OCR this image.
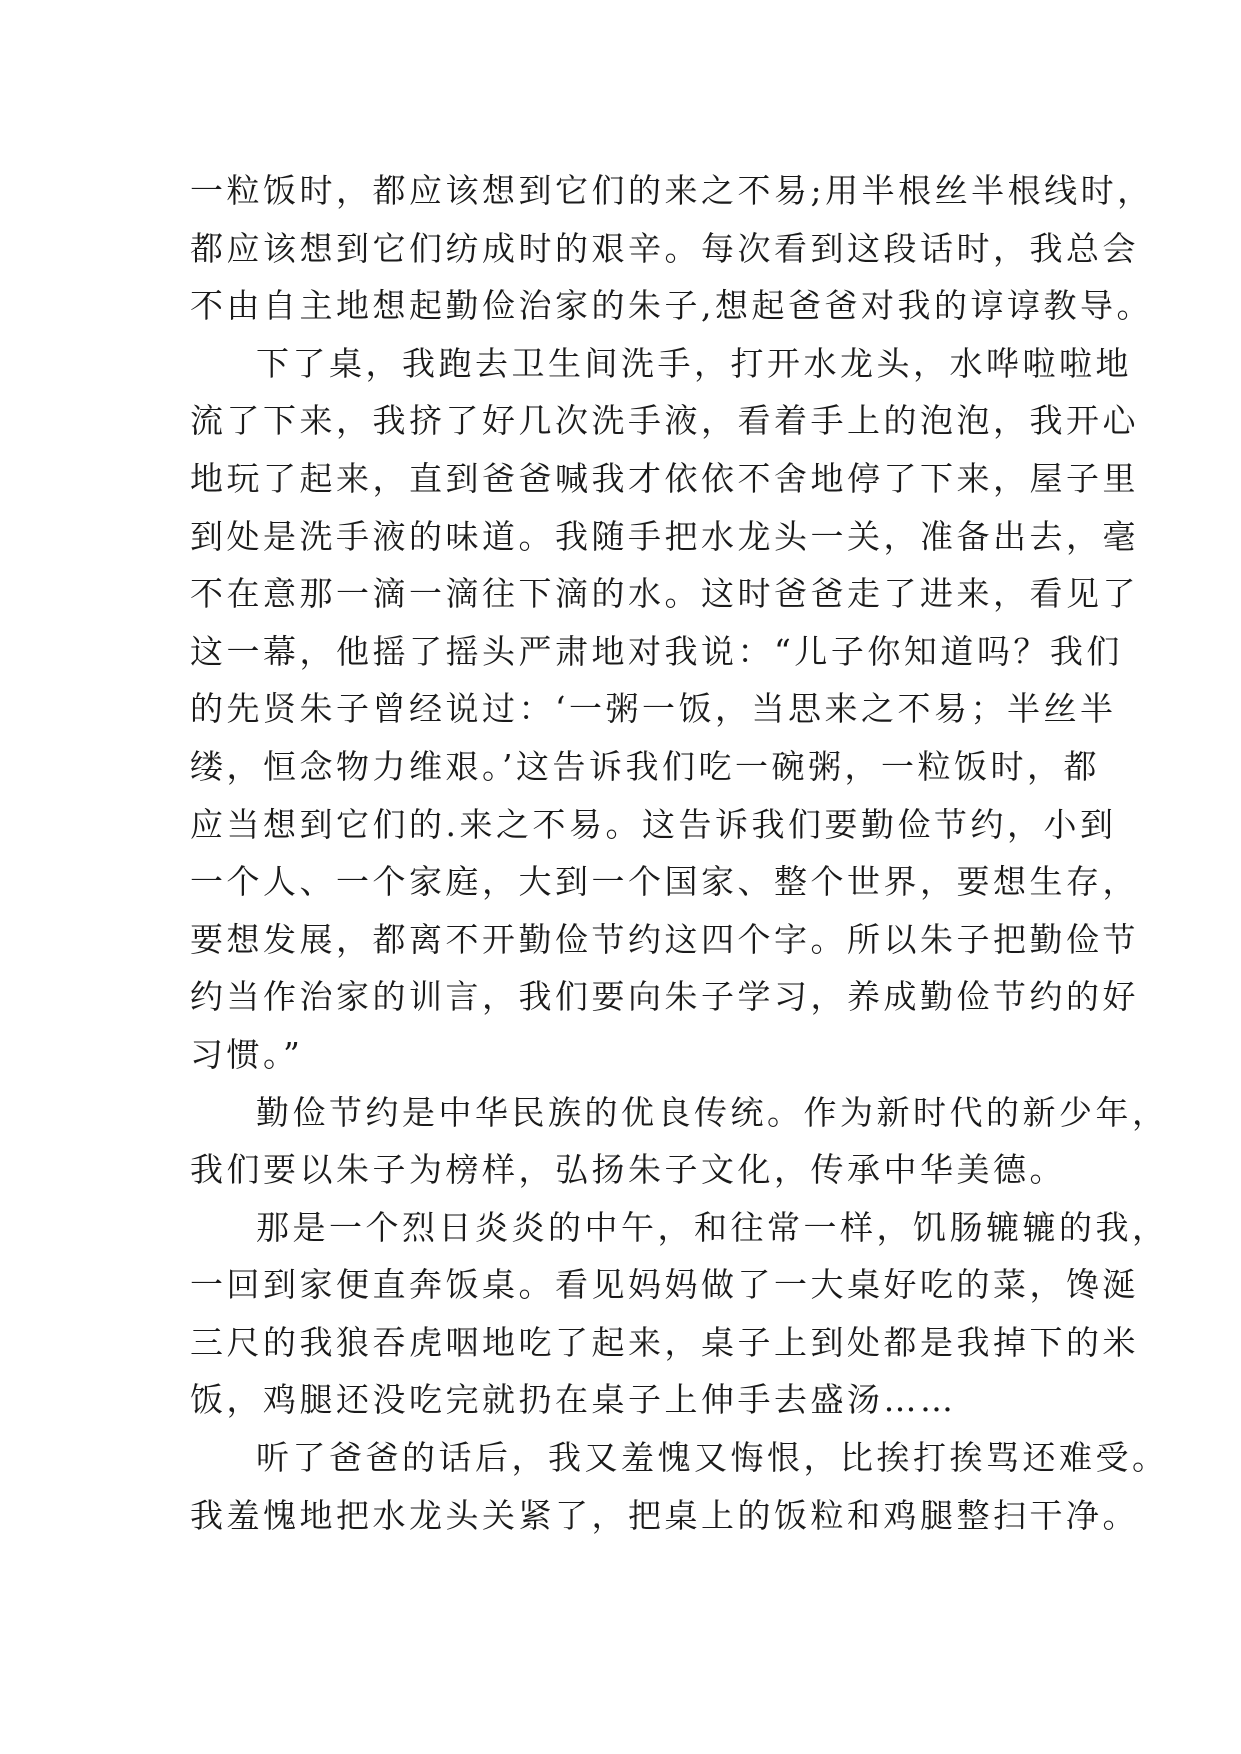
一粒饭时，都应该想到它们的来之不易;用半根丝半根线时，
都应该想到它们纺成时的艰辛。每次看到这段话时，我总会
不由自主地想起勤俭治家的朱子,想起爸爸对我的谆谆教导。
下了桌，我跑去卫生间洗手，打开水龙头，水哗啦啦地
流了下来，我挤了好几次洗手液，看着手上的泡泡，我开心
地玩了起来，直到爸爸喊我才依依不舍地停了下来，屋子里
到处是洗手液的味道。我随手把水龙头一关，准备出去，毫
不在意那一滴一滴往下滴的水。这时爸爸走了进来，看见了
这一幕，他摇了摇头严肃地对我说：“儿子你知道吗？我们
的先贤朱子曾经说过：‘一粥一饭，当思来之不易；半丝半
缕，恒念物力维艰。’这告诉我们吃一碗粥，一粒饭时，都
应当想到它们的.来之不易。这告诉我们要勤俭节约，小到
一个人、一个家庭，大到一个国家、整个世界，要想生存，
要想发展，都离不开勤俭节约这四个字。所以朱子把勤俭节
约当作治家的训言，我们要向朱子学习，养成勤俭节约的好
习惯。”
勤俭节约是中华民族的优良传统。作为新时代的新少年，
我们要以朱子为榜样，弘扬朱子文化，传承中华美德。
那是一个烈日炎炎的中午，和往常一样，饥肠辘辘的我，
一回到家便直奔饭桌。看见妈妈做了一大桌好吃的菜，馋涎
三尺的我狼吞虎咽地吃了起来，桌子上到处都是我掉下的米
饭，鸡腿还没吃完就扔在桌子上伸手去盛汤……
听了爸爸的话后，我又羞愧又悔恨，比挨打挨骂还难受。
我羞愧地把水龙头关紧了，把桌上的饭粒和鸡腿整扫干净。
